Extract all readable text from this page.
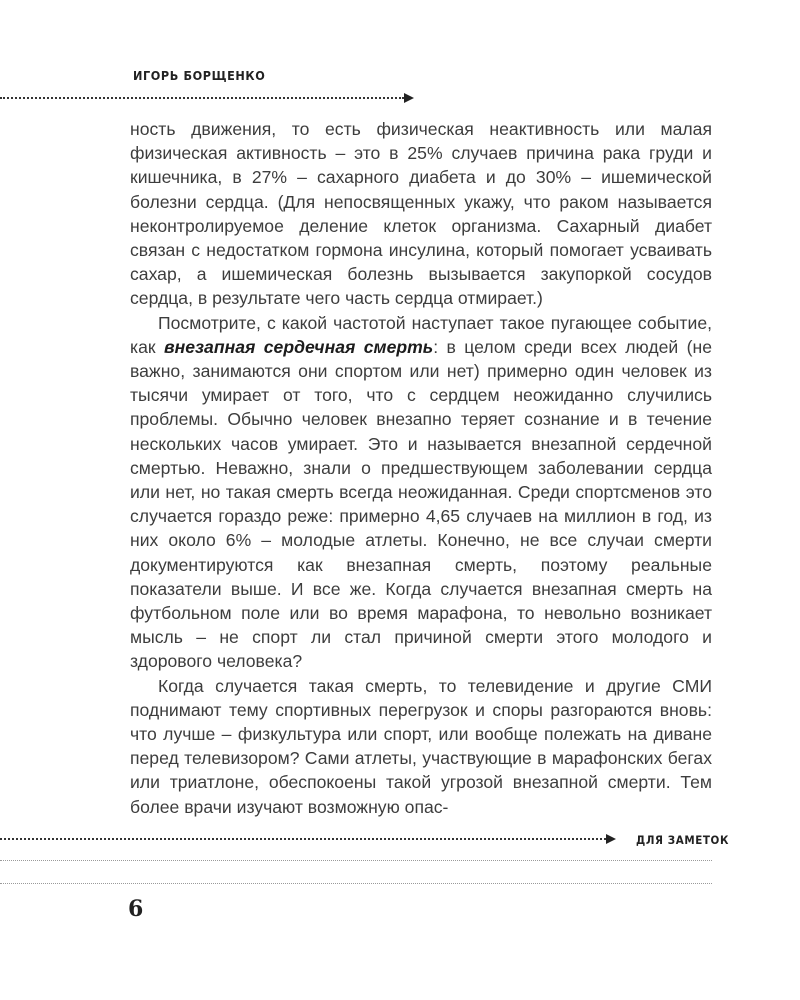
ИГОРЬ БОРЩЕНКО

ность движения, то есть физическая неактивность или малая физическая активность – это в 25% случаев причина рака груди и кишечника, в 27% – сахарного диабета и до 30% – ишемической болезни сердца. (Для непосвященных укажу, что раком называется неконтролируемое деление клеток организма. Сахарный диабет связан с недостатком гормона инсулина, который помогает усваивать сахар, а ишемическая болезнь вызывается закупоркой сосудов сердца, в результате чего часть сердца отмирает.)

Посмотрите, с какой частотой наступает такое пугающее событие, как внезапная сердечная смерть: в целом среди всех людей (не важно, занимаются они спортом или нет) примерно один человек из тысячи умирает от того, что с сердцем неожиданно случились проблемы. Обычно человек внезапно теряет сознание и в течение нескольких часов умирает. Это и называется внезапной сердечной смертью. Неважно, знали о предшествующем заболевании сердца или нет, но такая смерть всегда неожиданная. Среди спортсменов это случается гораздо реже: примерно 4,65 случаев на миллион в год, из них около 6% – молодые атлеты. Конечно, не все случаи смерти документируются как внезапная смерть, поэтому реальные показатели выше. И все же. Когда случается внезапная смерть на футбольном поле или во время марафона, то невольно возникает мысль – не спорт ли стал причиной смерти этого молодого и здорового человека?

Когда случается такая смерть, то телевидение и другие СМИ поднимают тему спортивных перегрузок и споры разгораются вновь: что лучше – физкультура или спорт, или вообще полежать на диване перед телевизором? Сами атлеты, участвующие в марафонских бегах или триатлоне, обеспокоены такой угрозой внезапной смерти. Тем более врачи изучают возможную опас-

ДЛЯ ЗАМЕТОК
6
